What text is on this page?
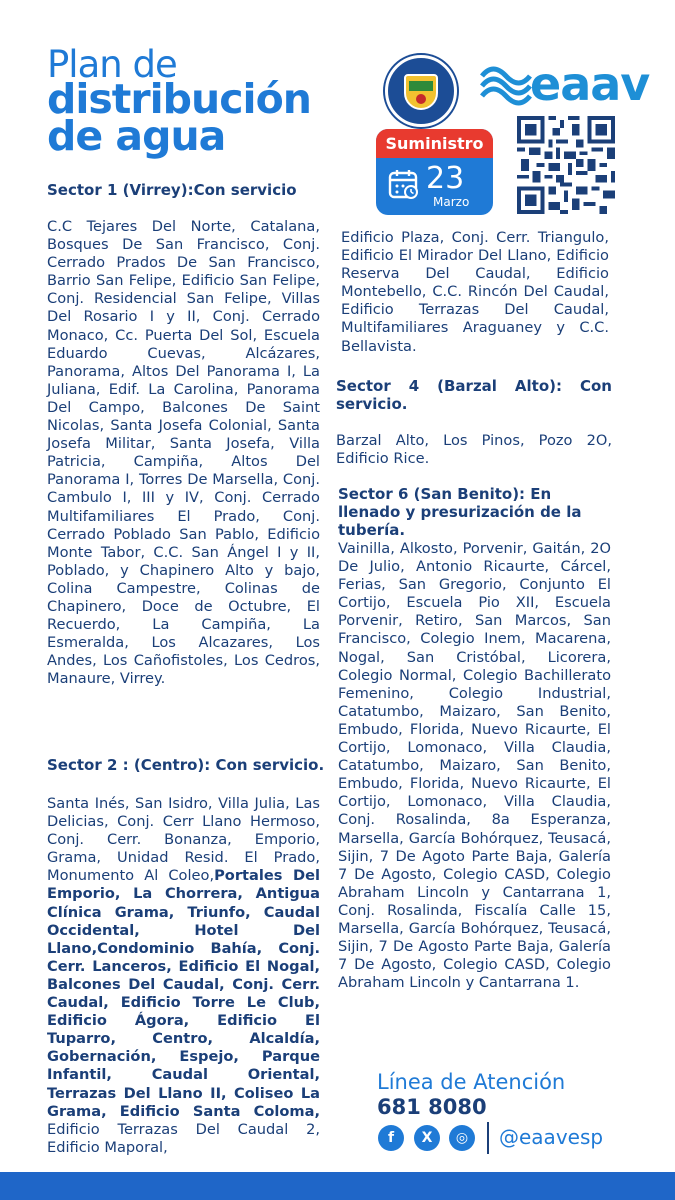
Plan de
distribución
de agua
eaav
Suministro
23
Marzo
Sector 1 (Virrey):Con servicio
C.C Tejares Del Norte, Catalana, Bosques De San Francisco, Conj. Cerrado Prados De San Francisco, Barrio San Felipe, Edificio San Felipe, Conj. Residencial San Felipe, Villas Del Rosario I y II, Conj. Cerrado Monaco, Cc. Puerta Del Sol, Escuela Eduardo Cuevas, Alcázares, Panorama, Altos Del Panorama I, La Juliana, Edif. La Carolina, Panorama Del Campo, Balcones De Saint Nicolas, Santa Josefa Colonial, Santa Josefa Militar, Santa Josefa, Villa Patricia, Campiña, Altos Del Panorama I, Torres De Marsella, Conj. Cambulo I, III y IV, Conj. Cerrado Multifamiliares El Prado, Conj. Cerrado Poblado San Pablo, Edificio Monte Tabor, C.C. San Ángel I y II, Poblado, y Chapinero Alto y bajo, Colina Campestre, Colinas de Chapinero, Doce de Octubre, El Recuerdo, La Campiña, La Esmeralda, Los Alcazares, Los Andes, Los Cañofistoles, Los Cedros, Manaure, Virrey.
Sector 2 : (Centro): Con servicio.
Santa Inés, San Isidro, Villa Julia, Las Delicias, Conj. Cerr Llano Hermoso, Conj. Cerr. Bonanza, Emporio, Grama, Unidad Resid. El Prado, Monumento Al Coleo,Portales Del Emporio, La Chorrera, Antigua Clínica Grama, Triunfo, Caudal Occidental, Hotel Del Llano,Condominio Bahía, Conj. Cerr. Lanceros, Edificio El Nogal, Balcones Del Caudal, Conj. Cerr. Caudal, Edificio Torre Le Club, Edificio Ágora, Edificio El Tuparro, Centro, Alcaldía, Gobernación, Espejo, Parque Infantil, Caudal Oriental, Terrazas Del Llano II, Coliseo La Grama, Edificio Santa Coloma, Edificio Terrazas Del Caudal 2, Edificio Maporal,
Edificio Plaza, Conj. Cerr. Triangulo, Edificio El Mirador Del Llano, Edificio Reserva Del Caudal, Edificio Montebello, C.C. Rincón Del Caudal, Edificio Terrazas Del Caudal, Multifamiliares Araguaney y C.C. Bellavista.
Sector 4 (Barzal Alto): Con servicio.
Barzal Alto, Los Pinos, Pozo 2O, Edificio Rice.
Sector 6 (San Benito): En llenado y presurización de la tubería.
Vainilla, Alkosto, Porvenir, Gaitán, 2O De Julio, Antonio Ricaurte, Cárcel, Ferias, San Gregorio, Conjunto El Cortijo, Escuela Pio XII, Escuela Porvenir, Retiro, San Marcos, San Francisco, Colegio Inem, Macarena, Nogal, San Cristóbal, Licorera, Colegio Normal, Colegio Bachillerato Femenino, Colegio Industrial, Catatumbo, Maizaro, San Benito, Embudo, Florida, Nuevo Ricaurte, El Cortijo, Lomonaco, Villa Claudia, Catatumbo, Maizaro, San Benito, Embudo, Florida, Nuevo Ricaurte, El Cortijo, Lomonaco, Villa Claudia, Conj. Rosalinda, 8a Esperanza, Marsella, García Bohórquez, Teusacá, Sijin, 7 De Agoto Parte Baja, Galería 7 De Agosto, Colegio CASD, Colegio Abraham Lincoln y Cantarrana 1, Conj. Rosalinda, Fiscalía Calle 15, Marsella, García Bohórquez, Teusacá, Sijin, 7 De Agosto Parte Baja, Galería 7 De Agosto, Colegio CASD, Colegio Abraham Lincoln y Cantarrana 1.
Línea de Atención
681 8080
f	X	◎	@eaavesp
